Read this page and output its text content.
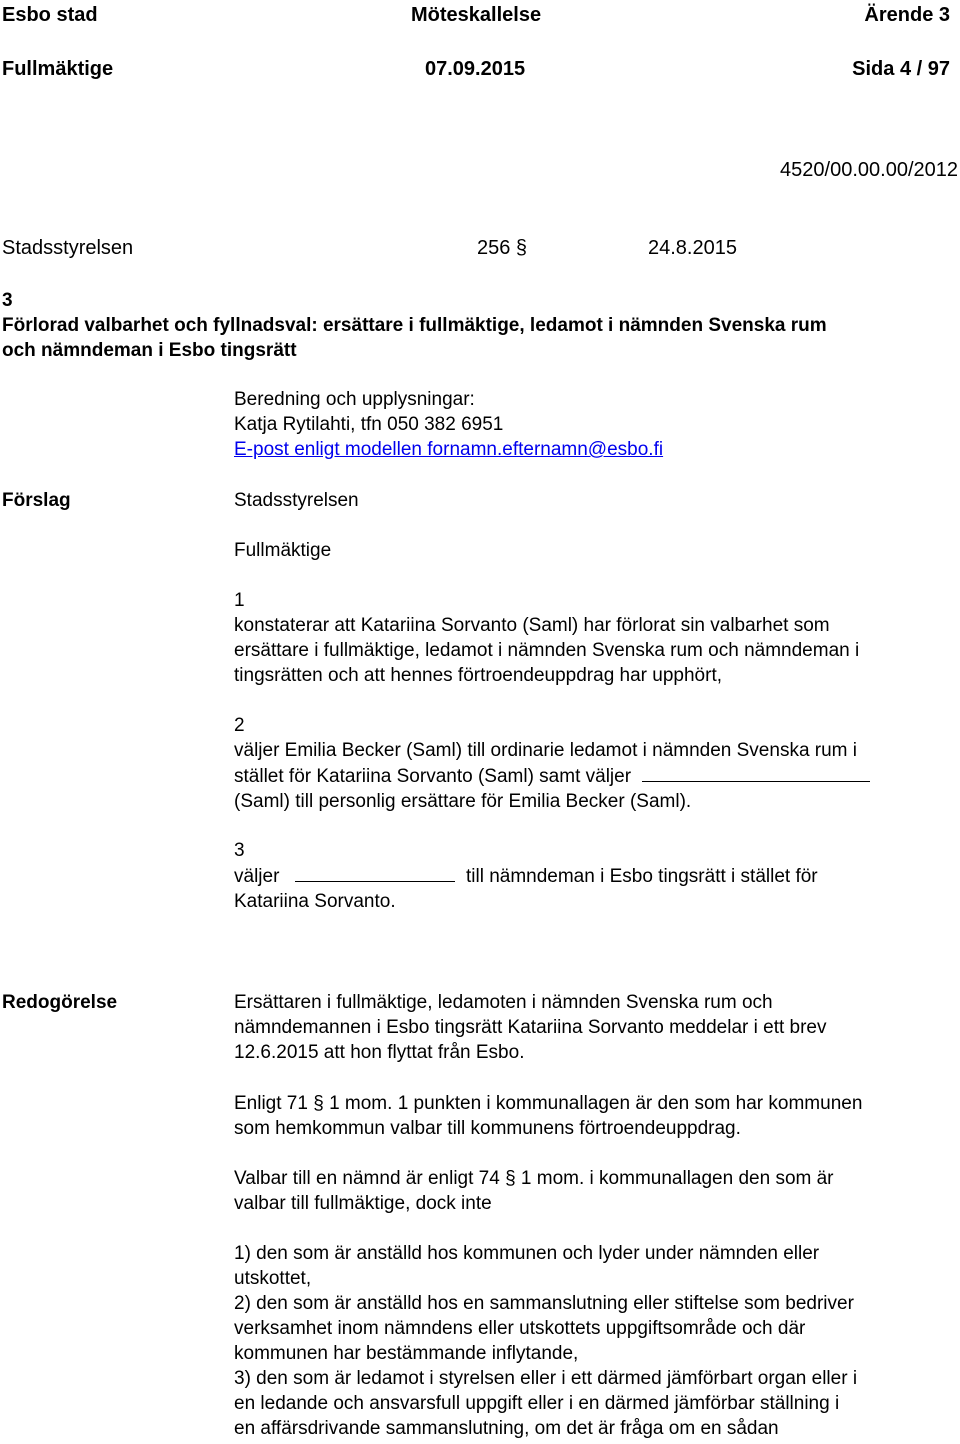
Esbo stad	Möteskallelse	Ärende 3
Fullmäktige	07.09.2015	Sida 4 / 97
4520/00.00.00/2012
Stadsstyrelsen	256 §	24.8.2015
3
Förlorad valbarhet och fyllnadsval: ersättare i fullmäktige, ledamot i nämnden Svenska rum
och nämndeman i Esbo tingsrätt
Beredning och upplysningar:
Katja Rytilahti, tfn 050 382 6951
E-post enligt modellen fornamn.efternamn@esbo.fi
Förslag	Stadsstyrelsen
Fullmäktige
1
konstaterar att Katariina Sorvanto (Saml) har förlorat sin valbarhet som
ersättare i fullmäktige, ledamot i nämnden Svenska rum och nämndeman i
tingsrätten och att hennes förtroendeuppdrag har upphört,
2
väljer Emilia Becker (Saml) till ordinarie ledamot i nämnden Svenska rum i
stället för Katariina Sorvanto (Saml) samt väljer
(Saml) till personlig ersättare för Emilia Becker (Saml).
3
väljer	till nämndeman i Esbo tingsrätt i stället för
Katariina Sorvanto.
Redogörelse	Ersättaren i fullmäktige, ledamoten i nämnden Svenska rum och
nämndemannen i Esbo tingsrätt Katariina Sorvanto meddelar i ett brev
12.6.2015 att hon flyttat från Esbo.
Enligt 71 § 1 mom. 1 punkten i kommunallagen är den som har kommunen
som hemkommun valbar till kommunens förtroendeuppdrag.
Valbar till en nämnd är enligt 74 § 1 mom. i kommunallagen den som är
valbar till fullmäktige, dock inte
1) den som är anställd hos kommunen och lyder under nämnden eller
utskottet,
2) den som är anställd hos en sammanslutning eller stiftelse som bedriver
verksamhet inom nämndens eller utskottets uppgiftsområde och där
kommunen har bestämmande inflytande,
3) den som är ledamot i styrelsen eller i ett därmed jämförbart organ eller i
en ledande och ansvarsfull uppgift eller i en därmed jämförbar ställning i
en affärsdrivande sammanslutning, om det är fråga om en sådan
